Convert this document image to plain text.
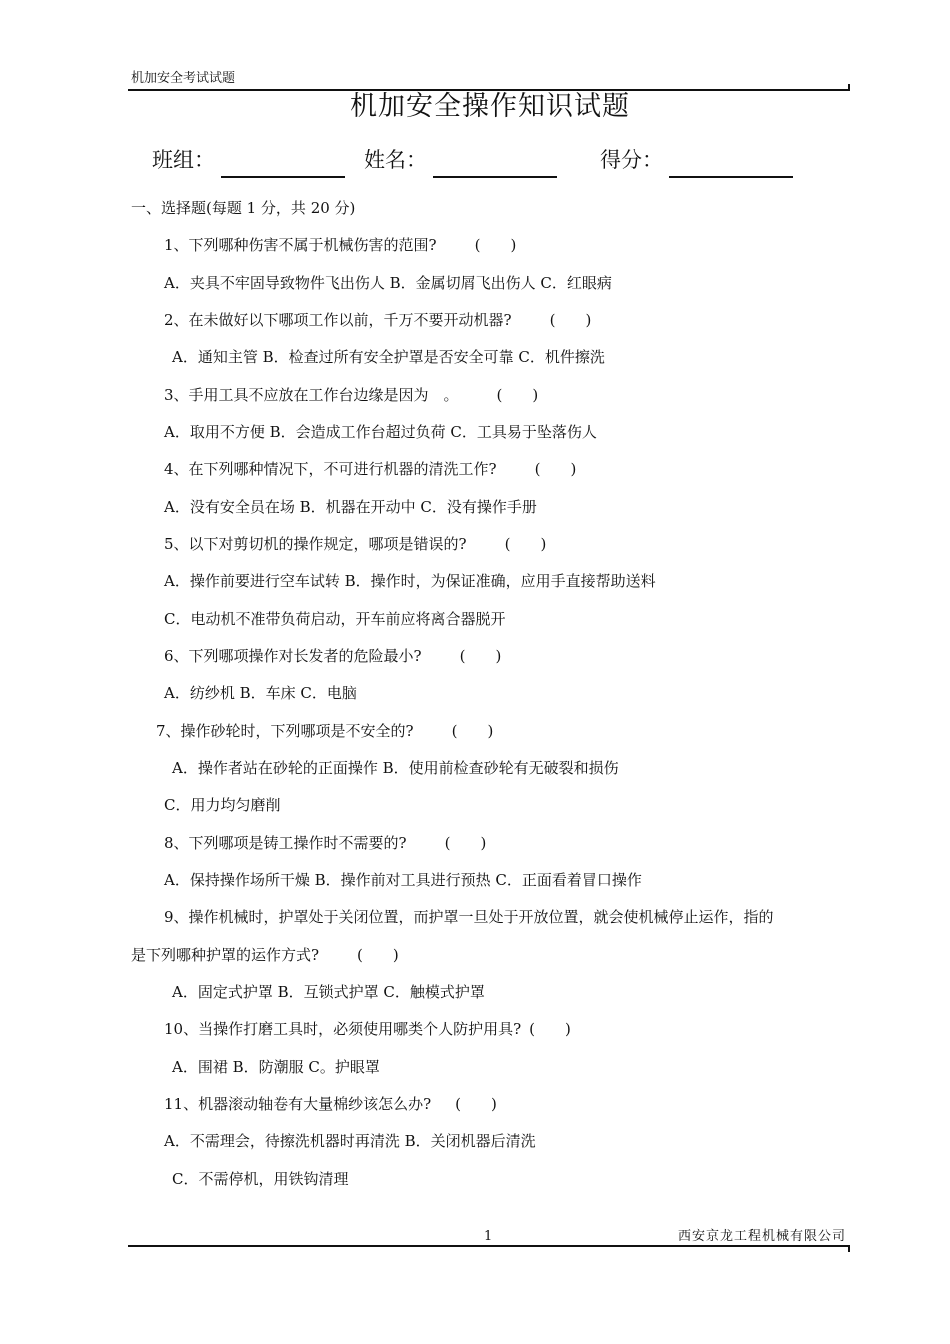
机加安全考试试题
机加安全操作知识试题
班组：	姓名：	得分：
一、选择题(每题 1 分，共 20 分)
1、下列哪种伤害不属于机械伤害的范围?	(　　)
A．夹具不牢固导致物件飞出伤人 B．金属切屑飞出伤人 C．红眼病
2、在未做好以下哪项工作以前，千万不要开动机器?	(　　)
A．通知主管 B．检查过所有安全护罩是否安全可靠 C．机件擦洗
3、手用工具不应放在工作台边缘是因为　。	(　　)
A．取用不方便 B．会造成工作台超过负荷 C．工具易于坠落伤人
4、在下列哪种情况下，不可进行机器的清洗工作?	(　　)
A．没有安全员在场 B．机器在开动中 C．没有操作手册
5、以下对剪切机的操作规定，哪项是错误的?	(　　)
A．操作前要进行空车试转 B．操作时，为保证准确，应用手直接帮助送料
C．电动机不准带负荷启动，开车前应将离合器脱开
6、下列哪项操作对长发者的危险最小?	(　　)
A．纺纱机 B．车床 C．电脑
7、操作砂轮时，下列哪项是不安全的?	(　　)
A．操作者站在砂轮的正面操作 B．使用前检查砂轮有无破裂和损伤
C．用力均匀磨削
8、下列哪项是铸工操作时不需要的?	(　　)
A．保持操作场所干燥 B．操作前对工具进行预热 C．正面看着冒口操作
9、操作机械时，护罩处于关闭位置，而护罩一旦处于开放位置，就会使机械停止运作，指的
是下列哪种护罩的运作方式?	(　　)
A．固定式护罩 B．互锁式护罩 C．触模式护罩
10、当操作打磨工具时，必须使用哪类个人防护用具? (　　)
A．围裙 B．防潮服 C。护眼罩
11、机器滚动轴卷有大量棉纱该怎么办? (　　)
A．不需理会，待擦洗机器时再清洗 B．关闭机器后清洗
C．不需停机，用铁钩清理
1	西安京龙工程机械有限公司
